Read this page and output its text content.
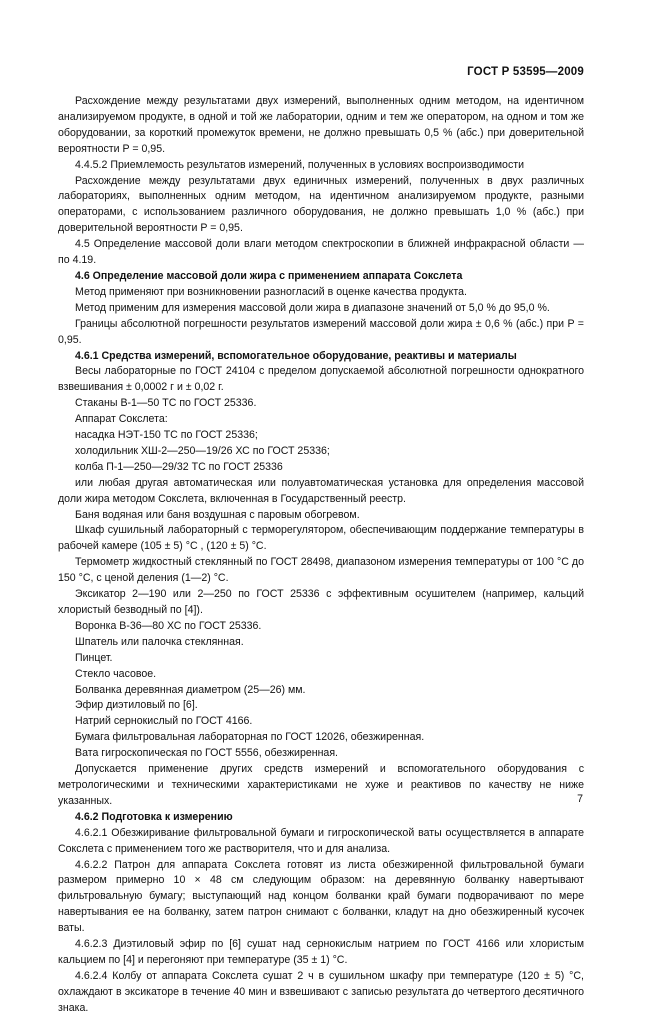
ГОСТ Р 53595—2009

Расхождение между результатами двух измерений, выполненных одним методом, на идентичном анализируемом продукте, в одной и той же лаборатории, одним и тем же оператором, на одном и том же оборудовании, за короткий промежуток времени, не должно превышать 0,5 % (абс.) при доверительной вероятности P = 0,95.

4.4.5.2 Приемлемость результатов измерений, полученных в условиях воспроизводимости

Расхождение между результатами двух единичных измерений, полученных в двух различных лабораториях, выполненных одним методом, на идентичном анализируемом продукте, разными операторами, с использованием различного оборудования, не должно превышать 1,0 % (абс.) при доверительной вероятности P = 0,95.

4.5 Определение массовой доли влаги методом спектроскопии в ближней инфракрасной области — по 4.19.

4.6 Определение массовой доли жира с применением аппарата Сокслета

Метод применяют при возникновении разногласий в оценке качества продукта.

Метод применим для измерения массовой доли жира в диапазоне значений от 5,0 % до 95,0 %.

Границы абсолютной погрешности результатов измерений массовой доли жира ± 0,6 % (абс.) при P = 0,95.

4.6.1 Средства измерений, вспомогательное оборудование, реактивы и материалы

Весы лабораторные по ГОСТ 24104 с пределом допускаемой абсолютной погрешности однократного взвешивания ± 0,0002 г и ± 0,02 г.

Стаканы В-1—50 ТС по ГОСТ 25336.

Аппарат Сокслета:

насадка НЭТ-150 ТС по ГОСТ 25336;

холодильник ХШ-2—250—19/26 ХС по ГОСТ 25336;

колба П-1—250—29/32 ТС по ГОСТ 25336

или любая другая автоматическая или полуавтоматическая установка для определения массовой доли жира методом Сокслета, включенная в Государственный реестр.

Баня водяная или баня воздушная с паровым обогревом.

Шкаф сушильный лабораторный с терморегулятором, обеспечивающим поддержание температуры в рабочей камере (105 ± 5) °С , (120 ± 5) °С.

Термометр жидкостный стеклянный по ГОСТ 28498, диапазоном измерения температуры от 100 °С до 150 °С, с ценой деления (1—2) °С.

Эксикатор 2—190 или 2—250 по ГОСТ 25336 с эффективным осушителем (например, кальций хлористый безводный по [4]).

Воронка В-36—80 ХС по ГОСТ 25336.

Шпатель или палочка стеклянная.

Пинцет.

Стекло часовое.

Болванка деревянная диаметром (25—26) мм.

Эфир диэтиловый по [6].

Натрий сернокислый по ГОСТ 4166.

Бумага фильтровальная лабораторная по ГОСТ 12026, обезжиренная.

Вата гигроскопическая по ГОСТ 5556, обезжиренная.

Допускается применение других средств измерений и вспомогательного оборудования с метрологическими и техническими характеристиками не хуже и реактивов по качеству не ниже указанных.

4.6.2 Подготовка к измерению

4.6.2.1 Обезжиривание фильтровальной бумаги и гигроскопической ваты осуществляется в аппарате Сокслета с применением того же растворителя, что и для анализа.

4.6.2.2 Патрон для аппарата Сокслета готовят из листа обезжиренной фильтровальной бумаги размером примерно 10 × 48 см следующим образом: на деревянную болванку навертывают фильтровальную бумагу; выступающий над концом болванки край бумаги подворачивают по мере навертывания ее на болванку, затем патрон снимают с болванки, кладут на дно обезжиренный кусочек ваты.

4.6.2.3 Диэтиловый эфир по [6] сушат над сернокислым натрием по ГОСТ 4166 или хлористым кальцием по [4] и перегоняют при температуре (35 ± 1) °С.

4.6.2.4 Колбу от аппарата Сокслета сушат 2 ч в сушильном шкафу при температуре (120 ± 5) °С, охлаждают в эксикаторе в течение 40 мин и взвешивают с записью результата до четвертого десятичного знака.

7
